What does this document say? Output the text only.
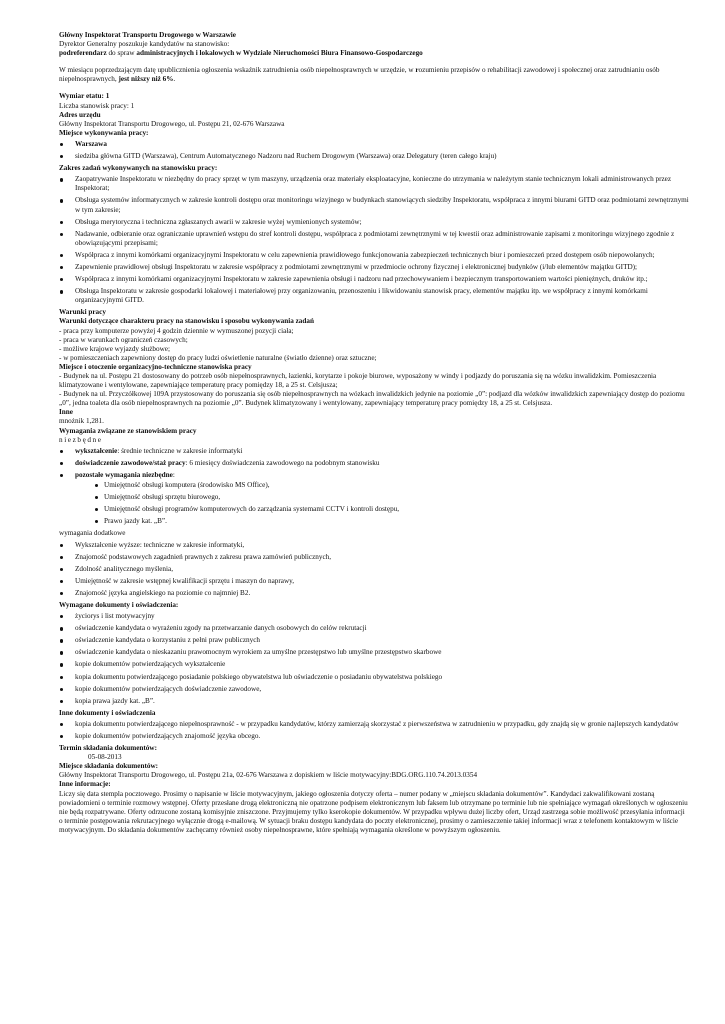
Główny Inspektorat Transportu Drogowego w Warszawie

Dyrektor Generalny poszukuje kandydatów na stanowisko:

podreferendarz do spraw administracyjnych i lokalowych w Wydziale Nieruchomości Biura Finansowo-Gospodarczego

W miesiącu poprzedzającym datę upublicznienia ogłoszenia wskaźnik zatrudnienia osób niepełnosprawnych w urzędzie, w rozumieniu przepisów o rehabilitacji zawodowej i społecznej oraz zatrudnianiu osób niepełnosprawnych, jest niższy niż 6%.

Wymiar etatu: 1

Liczba stanowisk pracy: 1

Adres urzędu

Główny Inspektorat Transportu Drogowego, ul. Postępu 21, 02-676 Warszawa

Miejsce wykonywania pracy:

Warszawa
siedziba główna GITD (Warszawa), Centrum Automatycznego Nadzoru nad Ruchem Drogowym (Warszawa) oraz Delegatury (teren całego kraju)

Zakres zadań wykonywanych na stanowisku pracy:

Zaopatrywanie Inspektoratu w niezbędny do pracy sprzęt w tym maszyny, urządzenia oraz materiały eksploatacyjne, konieczne do utrzymania w należytym stanie technicznym lokali administrowanych przez Inspektorat;
Obsługa systemów informatycznych w zakresie kontroli dostępu oraz monitoringu wizyjnego w budynkach stanowiących siedziby Inspektoratu, współpraca z innymi biurami GITD oraz podmiotami zewnętrznymi w tym zakresie;
Obsługa merytoryczna i techniczna zgłaszanych awarii w zakresie wyżej wymienionych systemów;
Nadawanie, odbieranie oraz ograniczanie uprawnień wstępu do stref kontroli dostępu, współpraca z podmiotami zewnętrznymi w tej kwestii oraz administrowanie zapisami z monitoringu wizyjnego zgodnie z obowiązującymi przepisami;
Współpraca z innymi komórkami organizacyjnymi Inspektoratu w celu zapewnienia prawidłowego funkcjonowania zabezpieczeń technicznych biur i pomieszczeń przed dostępem osób niepowołanych;
Zapewnienie prawidłowej obsługi Inspektoratu w zakresie współpracy z podmiotami zewnętrznymi w przedmiocie ochrony fizycznej i elektronicznej budynków (i/lub elementów majątku GITD);
Współpraca z innymi komórkami organizacyjnymi Inspektoratu w zakresie zapewnienia obsługi i nadzoru nad przechowywaniem i bezpiecznym transportowaniem wartości pieniężnych, druków itp.;
Obsługa Inspektoratu w zakresie gospodarki lokalowej i materiałowej przy organizowaniu, przenoszeniu i likwidowaniu stanowisk pracy, elementów majątku itp. we współpracy z innymi komórkami organizacyjnymi GITD.

Warunki pracy

Warunki dotyczące charakteru pracy na stanowisku i sposobu wykonywania zadań

- praca przy komputerze powyżej 4 godzin dziennie w wymuszonej pozycji ciała;

- praca w warunkach ograniczeń czasowych;

- możliwe krajowe wyjazdy służbowe;

- w pomieszczeniach zapewniony dostęp do pracy ludzi oświetlenie naturalne (światło dzienne) oraz sztuczne;

Miejsce i otoczenie organizacyjno-techniczne stanowiska pracy

- Budynek na ul. Postępu 21 dostosowany do potrzeb osób niepełnosprawnych, łazienki, korytarze i pokoje biurowe, wyposażony w windy i podjazdy do poruszania się na wózku inwalidzkim. Pomieszczenia klimatyzowane i wentylowane, zapewniające temperaturę pracy pomiędzy 18, a 25 st. Celsjusza;

- Budynek na ul. Przyczółkowej 109A przystosowany do poruszania się osób niepełnosprawnych na wózkach inwalidzkich jedynie na poziomie „0”: podjazd dla wózków inwalidzkich zapewniający dostęp do poziomu „0”, jedna toaleta dla osób niepełnosprawnych na poziomie „0”. Budynek klimatyzowany i wentylowany, zapewniający temperaturę pracy pomiędzy 18, a 25 st. Celsjusza.

Inne

mnożnik 1,281.

Wymagania związane ze stanowiskiem pracy

niezbędne

wykształcenie: średnie techniczne w zakresie informatyki
doświadczenie zawodowe/staż pracy: 6 miesięcy doświadczenia zawodowego na podobnym stanowisku
pozostałe wymagania niezbędne:
Umiejętność obsługi komputera (środowisko MS Office),
Umiejętność obsługi sprzętu biurowego,
Umiejętność obsługi programów komputerowych do zarządzania systemami CCTV i kontroli dostępu,
Prawo jazdy kat. „B”.

wymagania dodatkowe

Wykształcenie wyższe: techniczne w zakresie informatyki,
Znajomość podstawowych zagadnień prawnych z zakresu prawa zamówień publicznych,
Zdolność analitycznego myślenia,
Umiejętność w zakresie wstępnej kwalifikacji sprzętu i maszyn do naprawy,
Znajomość języka angielskiego na poziomie co najmniej B2.

Wymagane dokumenty i oświadczenia:

życiorys i list motywacyjny
oświadczenie kandydata o wyrażeniu zgody na przetwarzanie danych osobowych do celów rekrutacji
oświadczenie kandydata o korzystaniu z pełni praw publicznych
oświadczenie kandydata o nieskazaniu prawomocnym wyrokiem za umyślne przestępstwo lub umyślne przestępstwo skarbowe
kopie dokumentów potwierdzających wykształcenie
kopia dokumentu potwierdzającego posiadanie polskiego obywatelstwa lub oświadczenie o posiadaniu obywatelstwa polskiego
kopie dokumentów potwierdzających doświadczenie zawodowe,
kopia prawa jazdy kat. „B”.

Inne dokumenty i oświadczenia

kopia dokumentu potwierdzającego niepełnosprawność - w przypadku kandydatów, którzy zamierzają skorzystać z pierwszeństwa w zatrudnieniu w przypadku, gdy znajdą się w gronie najlepszych kandydatów
kopie dokumentów potwierdzających znajomość języka obcego.

Termin składania dokumentów:

05-08-2013

Miejsce składania dokumentów:

Główny Inspektorat Transportu Drogowego, ul. Postępu 21a, 02-676 Warszawa z dopiskiem w liście motywacyjny:BDG.ORG.110.74.2013.0354

Inne informacje:

Liczy się data stempla pocztowego. Prosimy o napisanie w liście motywacyjnym, jakiego ogłoszenia dotyczy oferta – numer podany w „miejscu składania dokumentów”. Kandydaci zakwalifikowani zostaną powiadomieni o terminie rozmowy wstępnej. Oferty przesłane drogą elektroniczną nie opatrzone podpisem elektronicznym lub faksem lub otrzymane po terminie lub nie spełniające wymagań określonych w ogłoszeniu nie będą rozpatrywane. Oferty odrzucone zostaną komisyjnie zniszczone. Przyjmujemy tylko kserokopie dokumentów. W przypadku wpływu dużej liczby ofert, Urząd zastrzega sobie możliwość przesyłania informacji o terminie postępowania rekrutacyjnego wyłącznie drogą e-mailową. W sytuacji braku dostępu kandydata do poczty elektronicznej, prosimy o zamieszczenie takiej informacji wraz z telefonem kontaktowym w liście motywacyjnym. Do składania dokumentów zachęcamy również osoby niepełnosprawne, które spełniają wymagania określone w powyższym ogłoszeniu.
